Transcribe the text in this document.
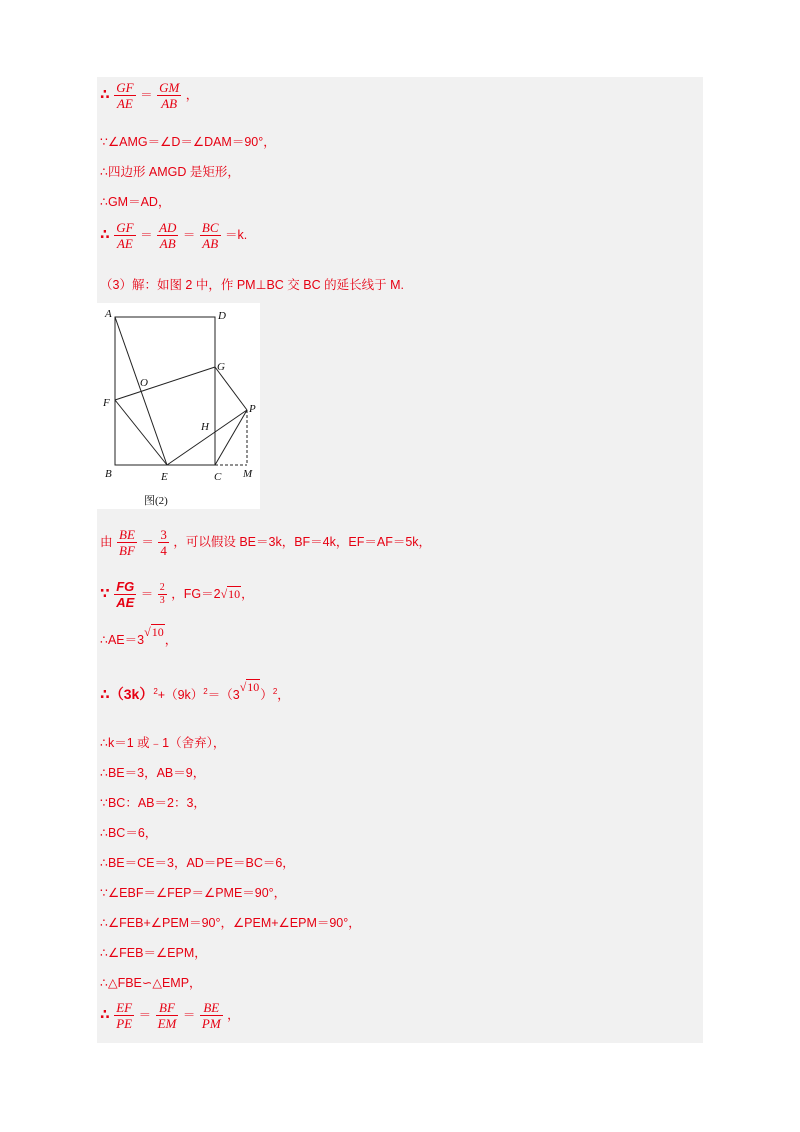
∴ $\frac{GF}{AE} = \frac{GM}{AB}$ ，
∵∠AMG＝∠D＝∠DAM＝90°，
∴四边形 AMGD 是矩形，
∴GM＝AD，
∴ $\frac{GF}{AE} = \frac{AD}{AB} = \frac{BC}{AB} =k$.
（3）解：如图 2 中，作 PM⊥BC 交 BC 的延长线于 M.
A	D
G
O
F	P
H
B	E	C M
图(2)
由 $\frac{BE}{BF} = \frac{3}{4}$ ，可以假设 BE＝3k，BF＝4k，EF＝AF＝5k，
∵ $\frac{FG}{AE} = \frac{2}{3}$ ，FG＝2√10，
∴AE＝3√10，
$\therefore(3k)^2+(9k)^2=(3√10)^2$，
∴k＝1 或﹣1（舍弃），
∴BE＝3，AB＝9，
∵BC：AB＝2：3，
∴BC＝6，
∴BE＝CE＝3，AD＝PE＝BC＝6，
∵∠EBF＝∠FEP＝∠PME＝90°，
∴∠FEB+∠PEM＝90°，∠PEM+∠EPM＝90°，
∴∠FEB＝∠EPM，
∴△FBE∽△EMP，
∴ $\frac{EF}{PE} = \frac{BF}{EM} = \frac{BE}{PM}$ ，
